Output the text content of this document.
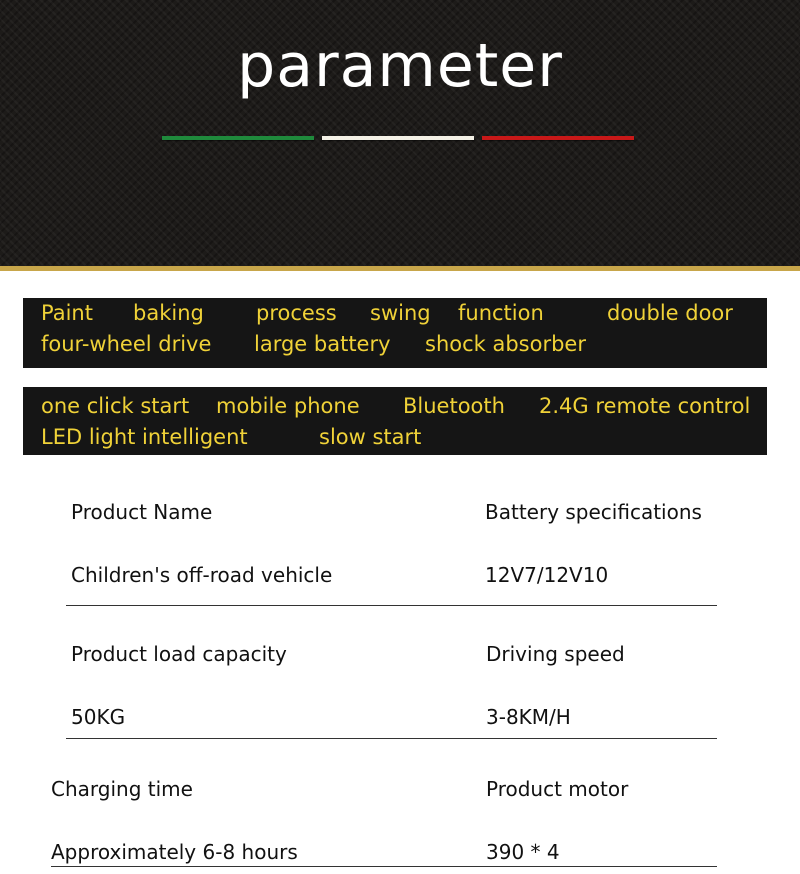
parameter
Paint baking process swing function	double door
four-wheel drive large battery shock absorber
one click start mobile phone Bluetooth 2.4G remote control
LED light intelligent	slow start
Product Name	Battery specifications
Children's off-road vehicle	12V7/12V10
Product load capacity	Driving speed
50KG	3-8KM/H
Charging time	Product motor
Approximately 6-8 hours	390 * 4
